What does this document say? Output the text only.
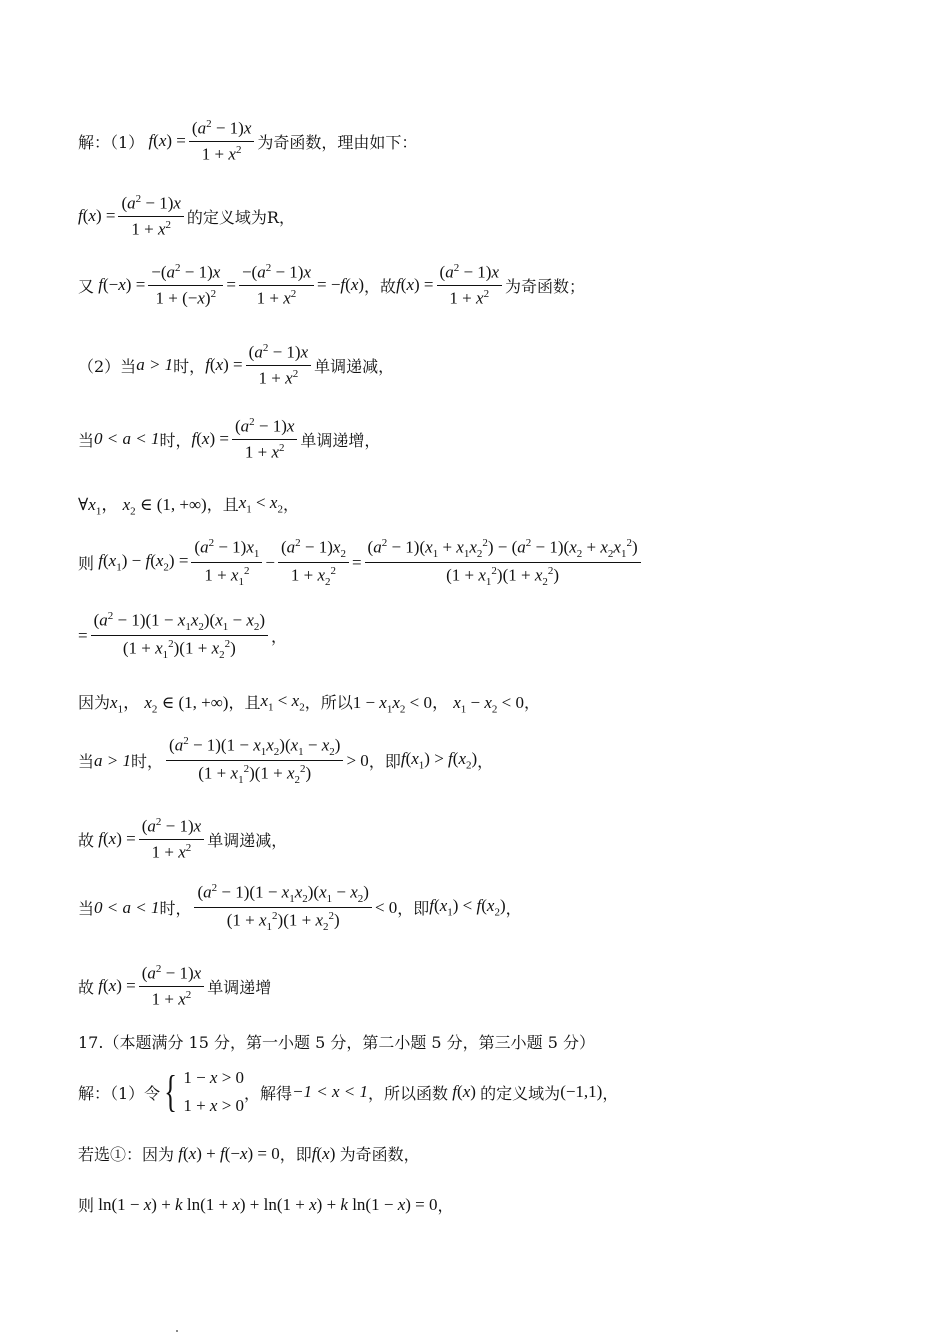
解：（1） $f(x) = \frac{(a^2 - 1)x}{1 + x^2}$ 为奇函数，理由如下：
$f(x) = \frac{(a^2 - 1)x}{1 + x^2}$ 的定义域为R，
又 $f(-x) = \frac{-(a^2 - 1)x}{1 + (-x)^2} = \frac{-(a^2 - 1)x}{1 + x^2} = -f(x)$ ，故 $f(x) = \frac{(a^2 - 1)x}{1 + x^2}$ 为奇函数；
（2）当 a > 1 时， $f(x) = \frac{(a^2 - 1)x}{1 + x^2}$ 单调递减，
当 0 < a < 1 时， $f(x) = \frac{(a^2 - 1)x}{1 + x^2}$ 单调递增，
$\forall x_1$， $x_2$ ∈ (1, +∞) ，且 $x_1 < x_2$ ，
则 $f(x_1) - f(x_2) = \frac{(a^2 - 1)x_1}{1 + x_1^2} - \frac{(a^2 - 1)x_2}{1 + x_2^2} = \frac{(a^2 - 1)(x_1 + x_1x_2^2) - (a^2 - 1)(x_2 + x_2x_1^2)}{(1 + x_1^2)(1 + x_2^2)}$
= $\frac{(a^2 - 1)(1 - x_1x_2)(x_1 - x_2)}{(1 + x_1^2)(1 + x_2^2)}$ ，
因为 $x_1$， $x_2$ ∈ (1, +∞) ，且 $x_1 < x_2$ ，所以 $1 - x_1x_2 < 0$， $x_1 - x_2 < 0$ ，
当 a > 1 时， $\frac{(a^2 - 1)(1 - x_1x_2)(x_1 - x_2)}{(1 + x_1^2)(1 + x_2^2)} > 0$ ，即 $f(x_1) > f(x_2)$ ，
故 $f(x) = \frac{(a^2 - 1)x}{1 + x^2}$ 单调递减，
当 0 < a < 1 时， $\frac{(a^2 - 1)(1 - x_1x_2)(x_1 - x_2)}{(1 + x_1^2)(1 + x_2^2)} < 0$ ，即 $f(x_1) < f(x_2)$ ，
故 $f(x) = \frac{(a^2 - 1)x}{1 + x^2}$ 单调递增
17.（本题满分 15 分，第一小题 5 分，第二小题 5 分，第三小题 5 分）
解：（1）令 { 1 − x > 0
1 + x > 0
，解得 −1 < x < 1 ，所以函数 f(x) 的定义域为 (−1,1) ，
若选①：因为 f(x) + f(−x) = 0 ，即 f(x) 为奇函数，
则 ln(1 − x) + k ln(1 + x) + ln(1 + x) + k ln(1 − x) = 0 ，
